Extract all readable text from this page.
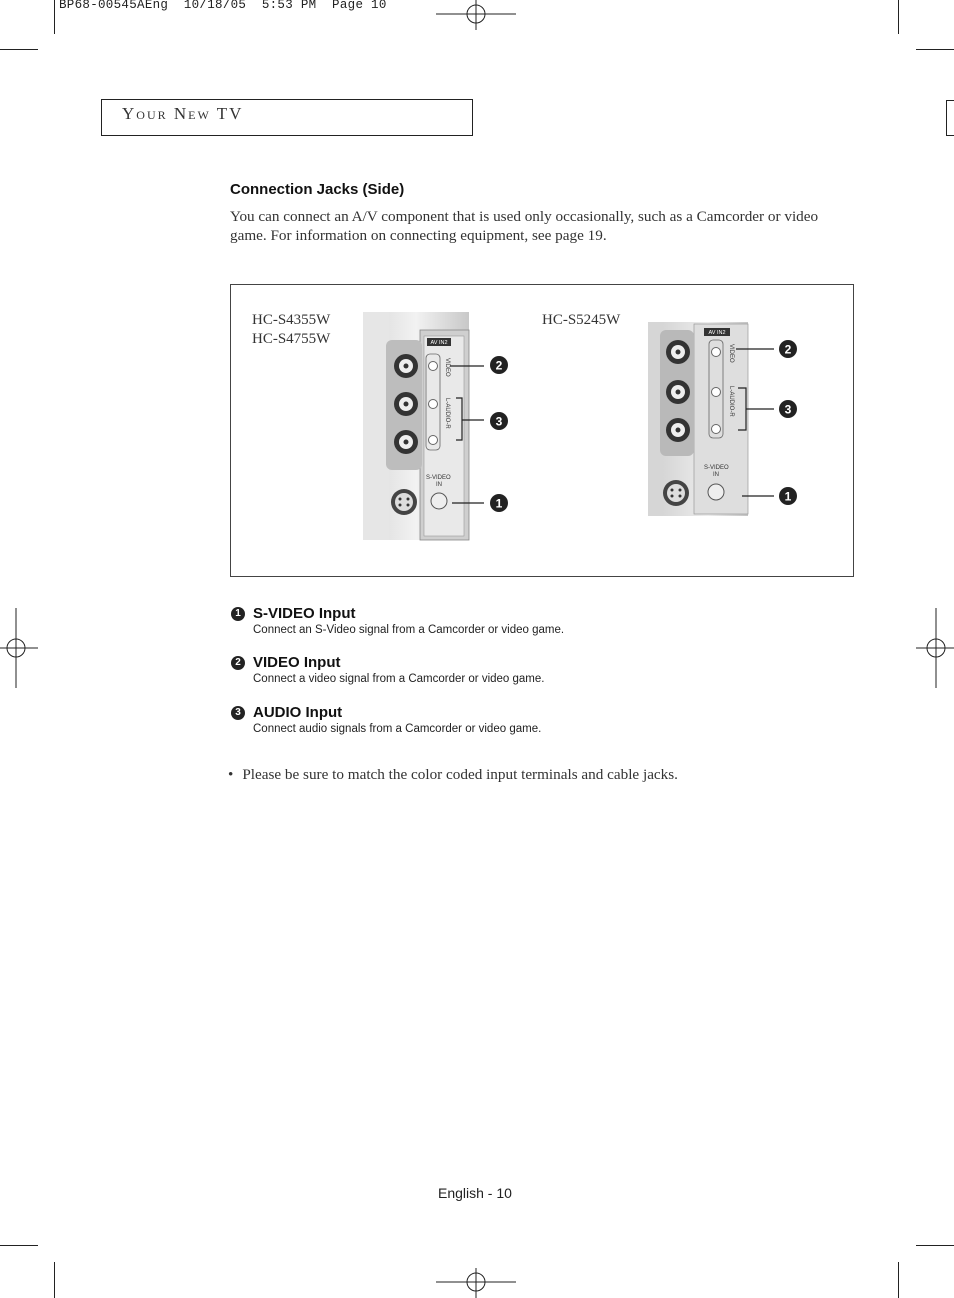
BP68-00545AEng  10/18/05  5:53 PM  Page 10
Your New TV
Connection Jacks (Side)
You can connect an A/V component that is used only occasionally, such as a Camcorder or video game. For information on connecting equipment, see page 19.
HC-S4355W
HC-S4755W
HC-S5245W
AV IN2
VIDEO
L-AUDIO-R
S-VIDEO
IN
2
3
1
AV IN2
VIDEO
L-AUDIO-R
S-VIDEO
IN
2
3
1
1 S-VIDEO Input
Connect an S-Video signal from a Camcorder or video game.
2 VIDEO Input
Connect a video signal from a Camcorder or video game.
3 AUDIO Input
Connect audio signals from a Camcorder or video game.
• Please be sure to match the color coded input terminals and cable jacks.
English - 10
